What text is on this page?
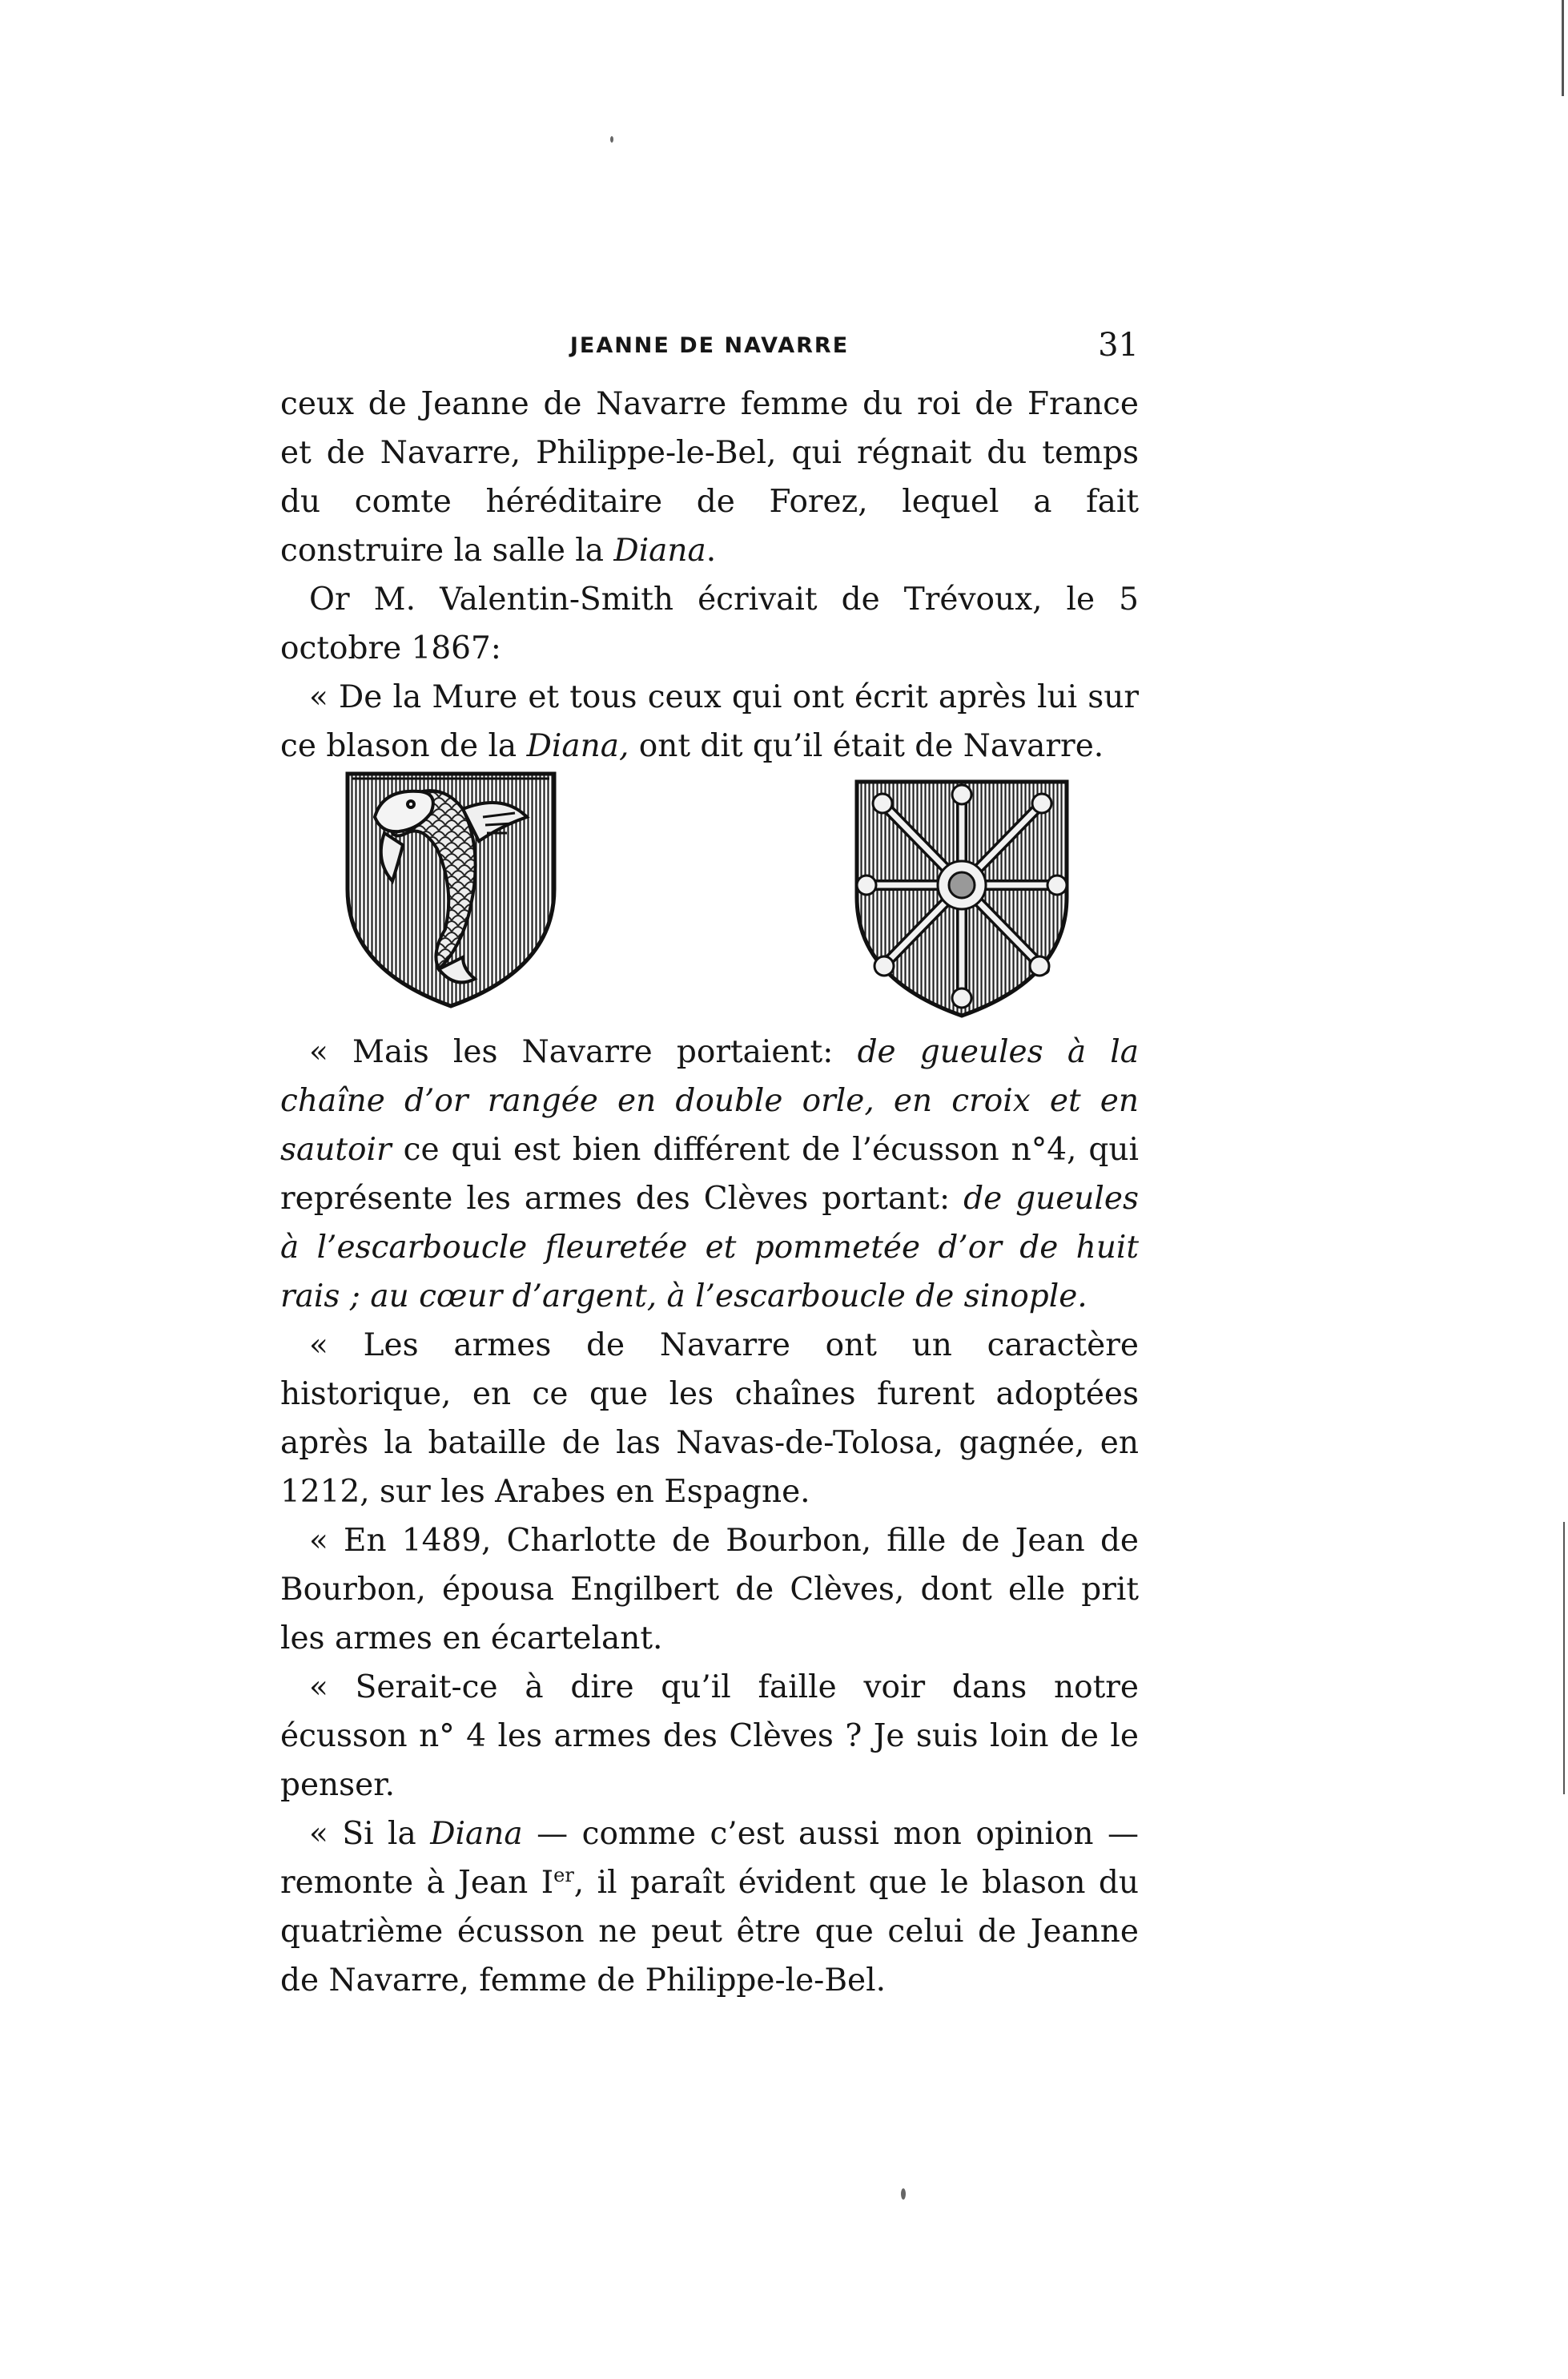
JEANNE DE NAVARRE	31

ceux de Jeanne de Navarre femme du roi de France et de Navarre, Philippe-le-Bel, qui régnait du temps du comte héréditaire de Forez, lequel a fait construire la salle la Diana.

Or M. Valentin-Smith écrivait de Trévoux, le 5 octobre 1867:

« De la Mure et tous ceux qui ont écrit après lui sur ce blason de la Diana, ont dit qu’il était de Navarre.

« Mais les Navarre portaient: de gueules à la chaîne d’or rangée en double orle, en croix et en sautoir ce qui est bien différent de l’écusson n°4, qui représente les armes des Clèves portant: de gueules à l’escarboucle fleuretée et pommetée d’or de huit rais ; au cœur d’argent, à l’escarboucle de sinople.

« Les armes de Navarre ont un caractère historique, en ce que les chaînes furent adoptées après la bataille de las Navas-de-Tolosa, gagnée, en 1212, sur les Arabes en Espagne.

« En 1489, Charlotte de Bourbon, fille de Jean de Bourbon, épousa Engilbert de Clèves, dont elle prit les armes en écartelant.

« Serait-ce à dire qu’il faille voir dans notre écusson n° 4 les armes des Clèves ? Je suis loin de le penser.

« Si la Diana — comme c’est aussi mon opinion — remonte à Jean Ier, il paraît évident que le blason du quatrième écusson ne peut être que celui de Jeanne de Navarre, femme de Philippe-le-Bel.
